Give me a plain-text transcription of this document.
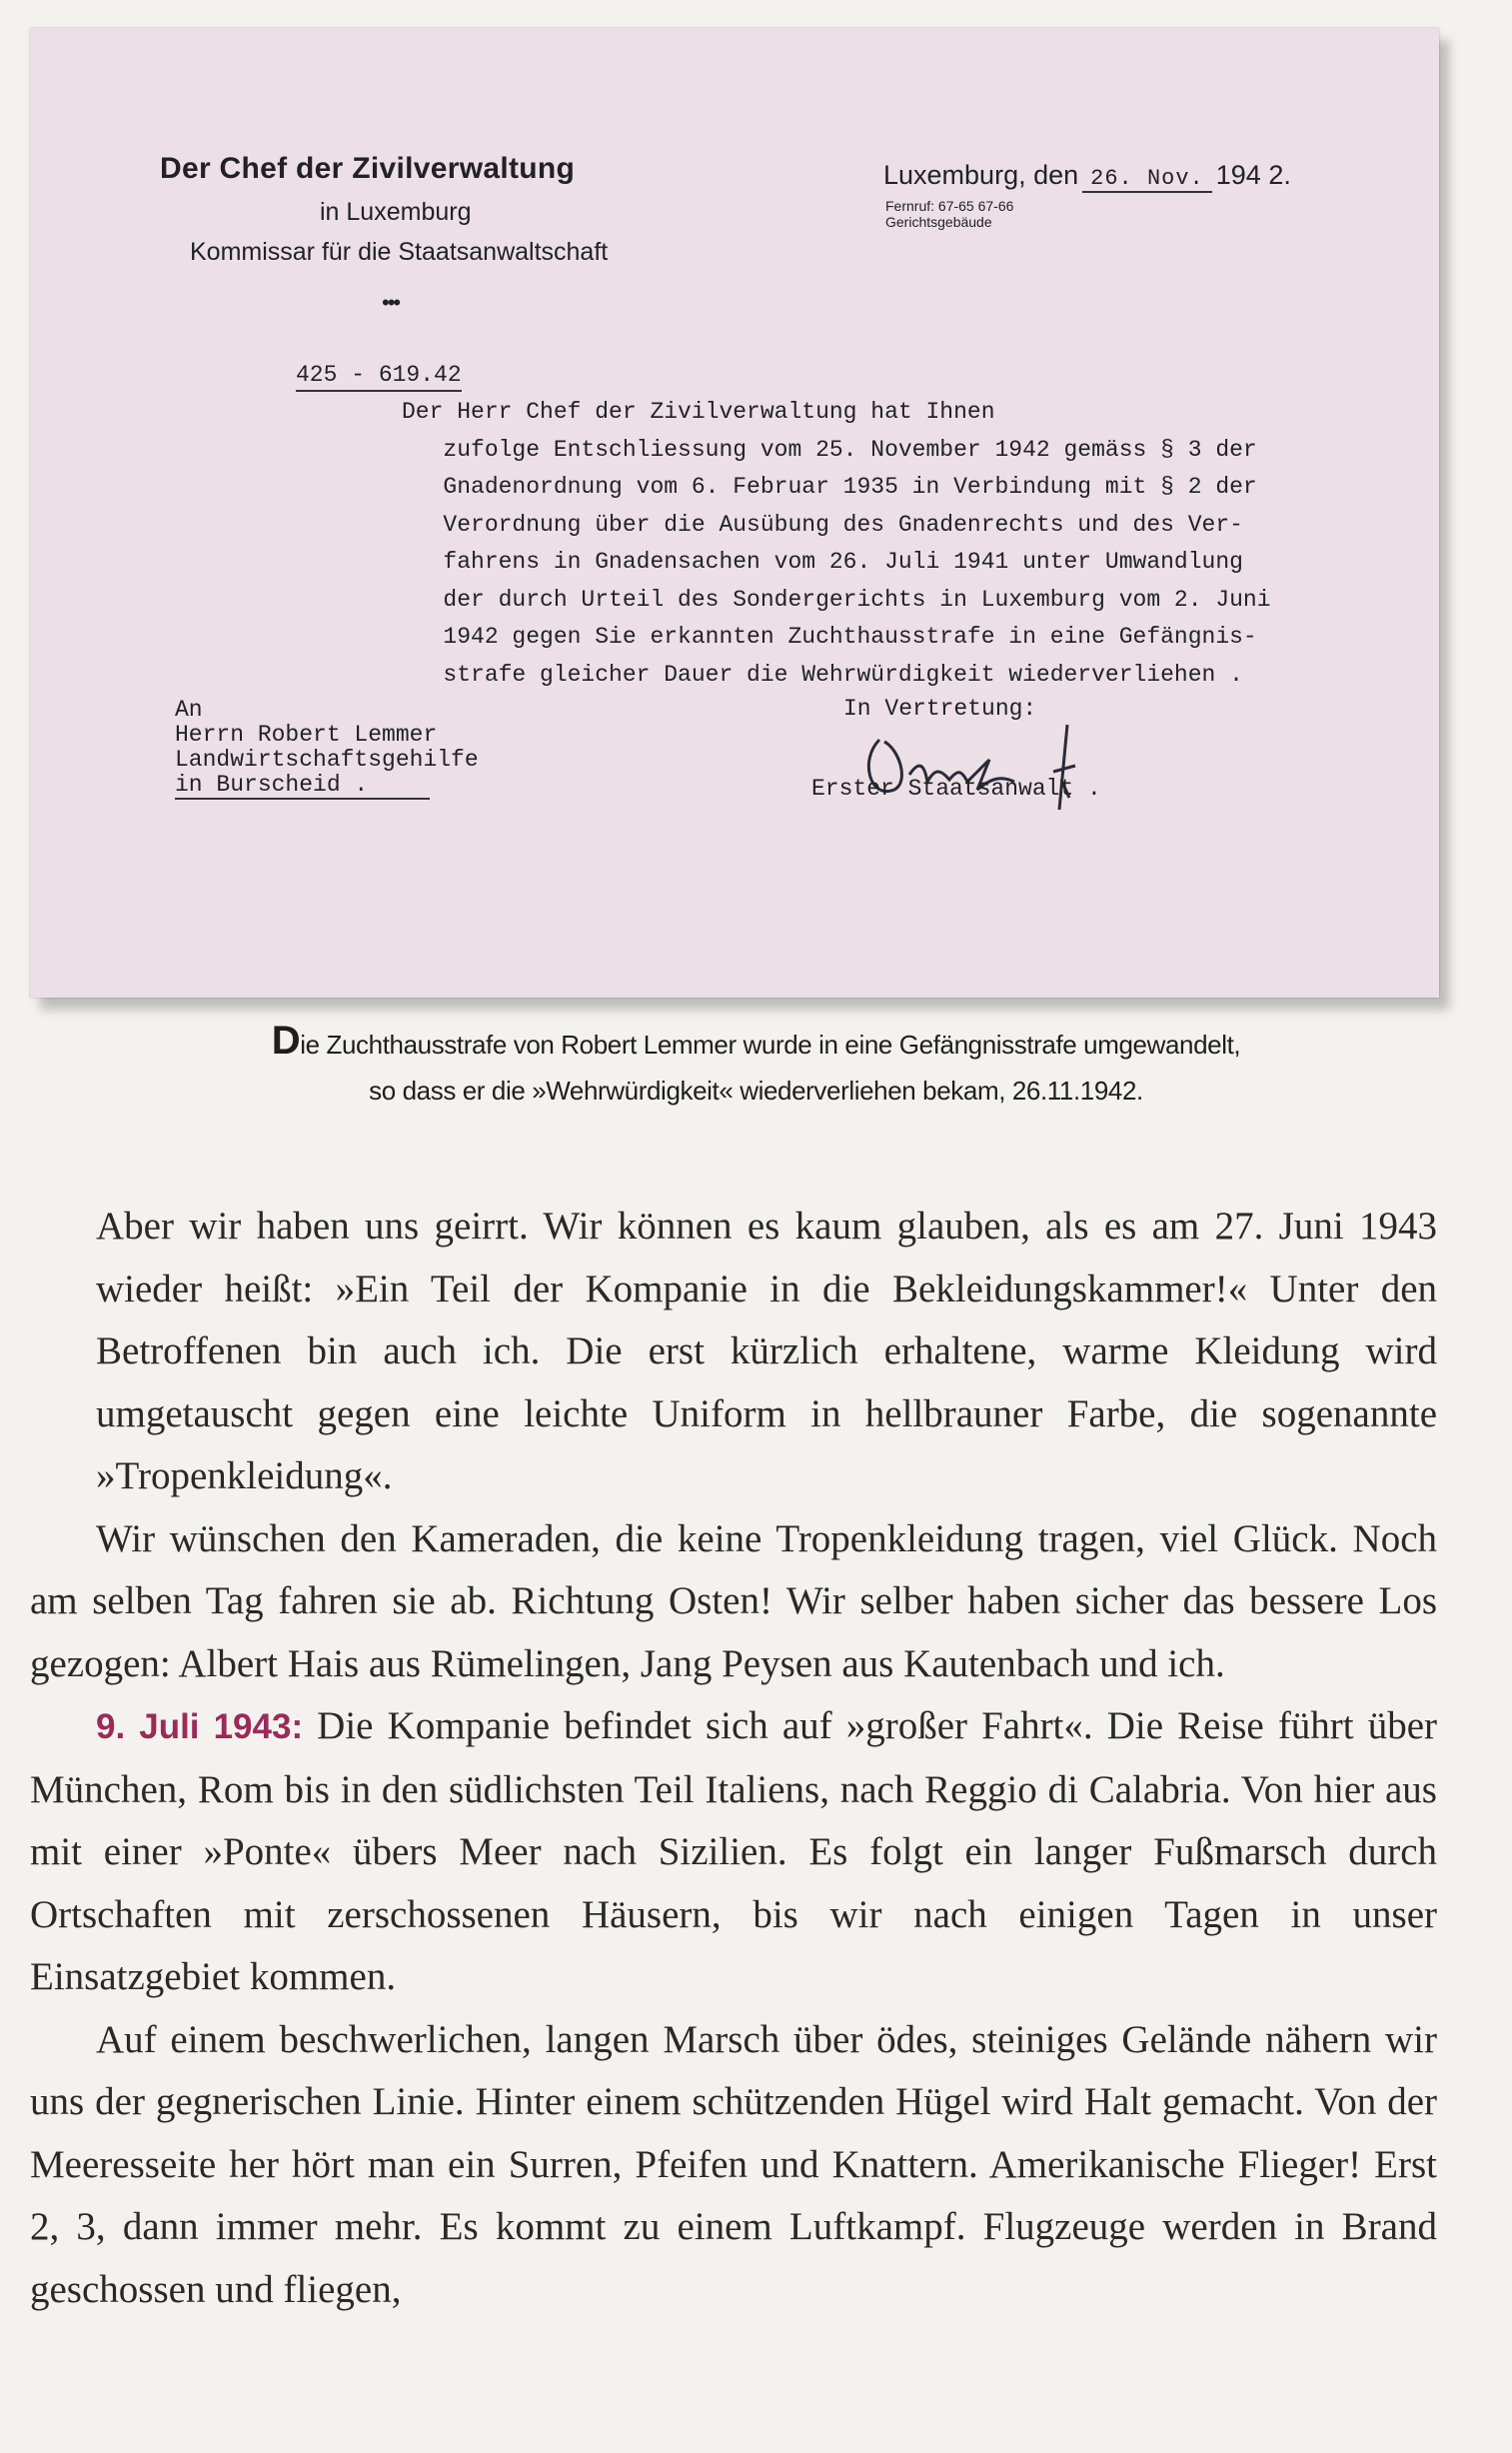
Der Chef der Zivilverwaltung
in Luxemburg
Kommissar für die Staatsanwaltschaft
•••
Luxemburg, den 26. Nov. 194 2.
Fernruf: 67-65 67-66
Gerichtsgebäude
425 - 619.42
Der Herr Chef der Zivilverwaltung hat Ihnen
zufolge Entschliessung vom 25. November 1942 gemäss § 3 der
Gnadenordnung vom 6. Februar 1935 in Verbindung mit § 2 der
Verordnung über die Ausübung des Gnadenrechts und des Ver-
fahrens in Gnadensachen vom 26. Juli 1941 unter Umwandlung
der durch Urteil des Sondergerichts in Luxemburg vom 2. Juni
1942 gegen Sie erkannten Zuchthausstrafe in eine Gefängnis-
strafe gleicher Dauer die Wehrwürdigkeit wiederverliehen .
An
Herrn Robert Lemmer
Landwirtschaftsgehilfe
in Burscheid .
In Vertretung:
Erster Staatsanwalt .
Die Zuchthausstrafe von Robert Lemmer wurde in eine Gefängnisstrafe umgewandelt,
so dass er die »Wehrwürdigkeit« wiederverliehen bekam, 26.11.1942.

Aber wir haben uns geirrt. Wir können es kaum glauben, als es am 27. Juni 1943 wieder heißt: »Ein Teil der Kompanie in die Bekleidungskammer!« Unter den Betroffenen bin auch ich. Die erst kürzlich erhaltene, warme Kleidung wird umgetauscht gegen eine leichte Uniform in hellbrauner Farbe, die sogenannte »Tropenkleidung«.

Wir wünschen den Kameraden, die keine Tropenkleidung tragen, viel Glück. Noch am selben Tag fahren sie ab. Richtung Osten! Wir selber haben sicher das bessere Los gezogen: Albert Hais aus Rümelingen, Jang Peysen aus Kautenbach und ich.

9. Juli 1943: Die Kompanie befindet sich auf »großer Fahrt«. Die Reise führt über München, Rom bis in den südlichsten Teil Italiens, nach Reggio di Calabria. Von hier aus mit einer »Ponte« übers Meer nach Sizilien. Es folgt ein langer Fußmarsch durch Ortschaften mit zerschossenen Häusern, bis wir nach einigen Tagen in unser Einsatzgebiet kommen.

Auf einem beschwerlichen, langen Marsch über ödes, steiniges Gelände nähern wir uns der gegnerischen Linie. Hinter einem schützenden Hügel wird Halt gemacht. Von der Meeresseite her hört man ein Surren, Pfeifen und Knattern. Amerikanische Flieger! Erst 2, 3, dann immer mehr. Es kommt zu einem Luftkampf. Flugzeuge werden in Brand geschossen und fliegen,
